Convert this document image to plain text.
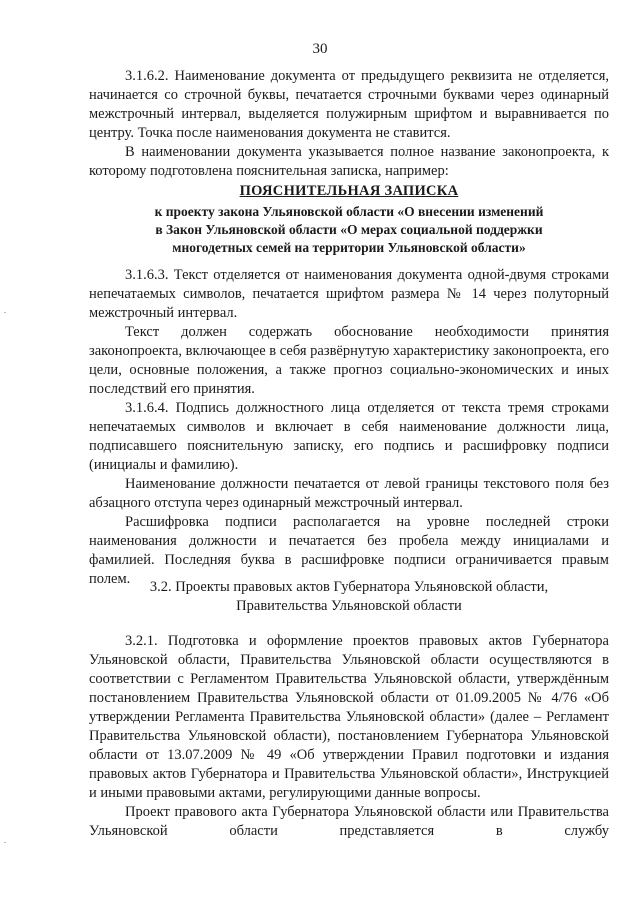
30

3.1.6.2. Наименование документа от предыдущего реквизита не отделяется, начинается со строчной буквы, печатается строчными буквами через одинарный межстрочный интервал, выделяется полужирным шрифтом и выравнивается по центру. Точка после наименования документа не ставится.

В наименовании документа указывается полное название законопроекта, к которому подготовлена пояснительная записка, например:

ПОЯСНИТЕЛЬНАЯ ЗАПИСКА

к проекту закона Ульяновской области «О внесении изменений

в Закон Ульяновской области «О мерах социальной поддержки

многодетных семей на территории Ульяновской области»

3.1.6.3. Текст отделяется от наименования документа одной-двумя строками непечатаемых символов, печатается шрифтом размера № 14 через полуторный межстрочный интервал.

Текст должен содержать обоснование необходимости принятия законопроекта, включающее в себя развёрнутую характеристику законопроекта, его цели, основные положения, а также прогноз социально-экономических и иных последствий его принятия.

3.1.6.4. Подпись должностного лица отделяется от текста тремя строками непечатаемых символов и включает в себя наименование должности лица, подписавшего пояснительную записку, его подпись и расшифровку подписи (инициалы и фамилию).

Наименование должности печатается от левой границы текстового поля без абзацного отступа через одинарный межстрочный интервал.

Расшифровка подписи располагается на уровне последней строки наименования должности и печатается без пробела между инициалами и фамилией. Последняя буква в расшифровке подписи ограничивается правым полем.	3.2. Проекты правовых актов Губернатора Ульяновской области,

Правительства Ульяновской области

3.2.1. Подготовка и оформление проектов правовых актов Губернатора Ульяновской области, Правительства Ульяновской области осуществляются в соответствии с Регламентом Правительства Ульяновской области, утверждённым постановлением Правительства Ульяновской области от 01.09.2005 № 4/76 «Об утверждении Регламента Правительства Ульяновской области» (далее – Регламент Правительства Ульяновской области), постановлением Губернатора Ульяновской области от 13.07.2009 № 49 «Об утверждении Правил подготовки и издания правовых актов Губернатора и Правительства Ульяновской области», Инструкцией и иными правовыми актами, регулирующими данные вопросы.

Проект правового акта Губернатора Ульяновской области или Правительства Ульяновской области представляется в службу
